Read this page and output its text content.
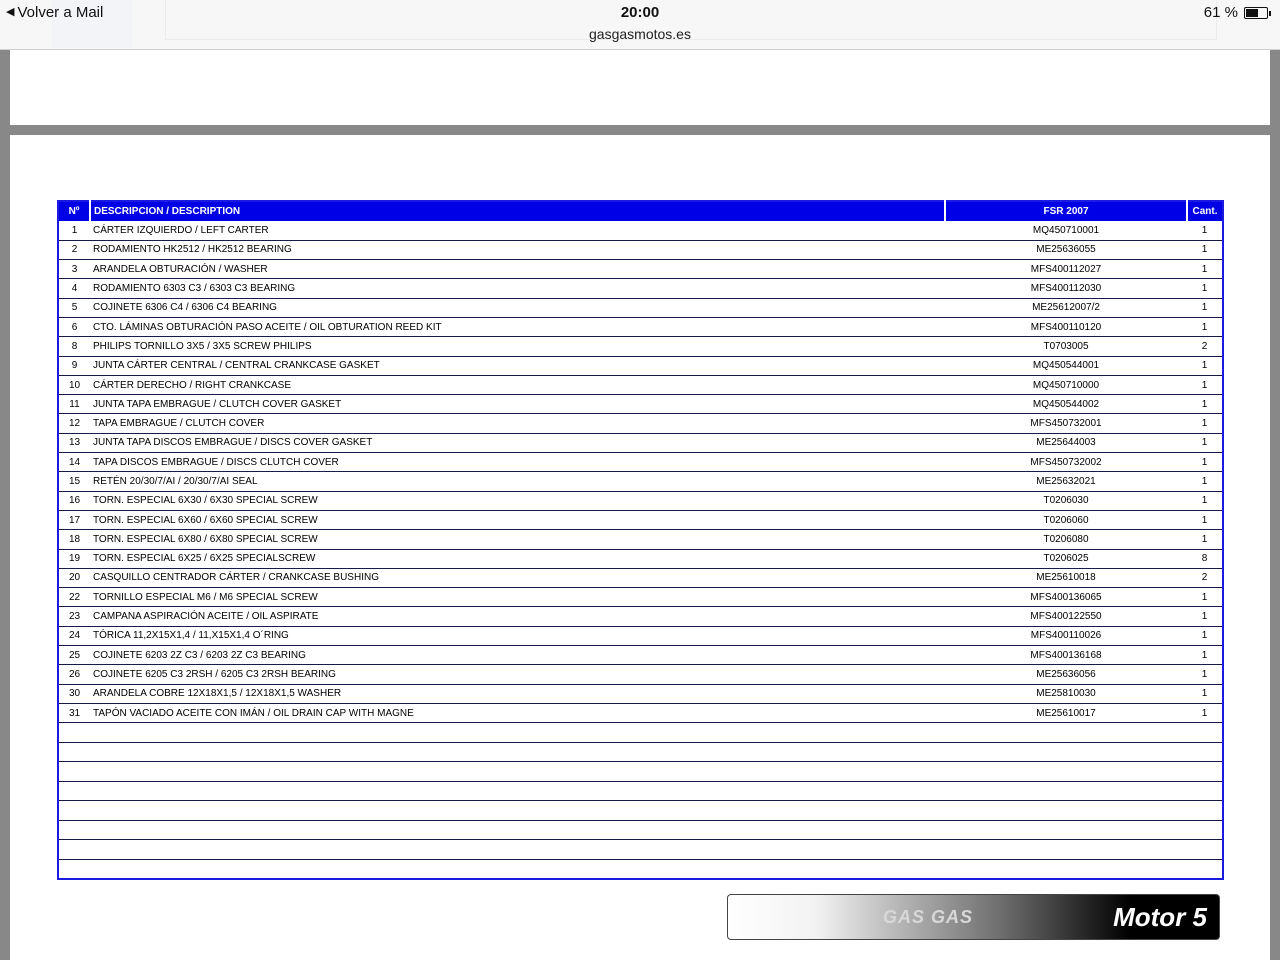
◀ Volver a Mail	20:00
gasgasmotos.es
61 %
Nº	DESCRIPCION / DESCRIPTION	FSR 2007	Cant.
1	CÁRTER IZQUIERDO / LEFT CARTER	MQ450710001	1
2	RODAMIENTO HK2512 / HK2512 BEARING	ME25636055	1
3	ARANDELA OBTURACIÓN / WASHER	MFS400112027	1
4	RODAMIENTO 6303 C3 / 6303 C3 BEARING	MFS400112030	1
5	COJINETE 6306 C4 / 6306 C4 BEARING	ME25612007/2	1
6	CTO. LÁMINAS OBTURACIÓN PASO ACEITE / OIL OBTURATION REED KIT	MFS400110120	1
8	PHILIPS TORNILLO 3X5 / 3X5 SCREW PHILIPS	T0703005	2
9	JUNTA CÁRTER CENTRAL / CENTRAL CRANKCASE GASKET	MQ450544001	1
10	CÁRTER DERECHO / RIGHT CRANKCASE	MQ450710000	1
11	JUNTA TAPA EMBRAGUE / CLUTCH COVER GASKET	MQ450544002	1
12	TAPA EMBRAGUE / CLUTCH COVER	MFS450732001	1
13	JUNTA TAPA DISCOS EMBRAGUE / DISCS COVER GASKET	ME25644003	1
14	TAPA DISCOS EMBRAGUE / DISCS CLUTCH COVER	MFS450732002	1
15	RETÉN 20/30/7/AI / 20/30/7/AI SEAL	ME25632021	1
16	TORN. ESPECIAL 6X30 / 6X30 SPECIAL SCREW	T0206030	1
17	TORN. ESPECIAL 6X60 / 6X60 SPECIAL SCREW	T0206060	1
18	TORN. ESPECIAL 6X80 / 6X80 SPECIAL SCREW	T0206080	1
19	TORN. ESPECIAL 6X25 / 6X25 SPECIALSCREW	T0206025	8
20	CASQUILLO CENTRADOR CÁRTER / CRANKCASE BUSHING	ME25610018	2
22	TORNILLO ESPECIAL M6 / M6 SPECIAL SCREW	MFS400136065	1
23	CAMPANA ASPIRACIÓN ACEITE / OIL ASPIRATE	MFS400122550	1
24	TÓRICA 11,2X15X1,4 / 11,X15X1,4 O´RING	MFS400110026	1
25	COJINETE 6203 2Z C3 / 6203 2Z C3 BEARING	MFS400136168	1
26	COJINETE 6205 C3 2RSH / 6205 C3 2RSH BEARING	ME25636056	1
30	ARANDELA COBRE 12X18X1,5 / 12X18X1,5 WASHER	ME25810030	1
31	TAPÓN VACIADO ACEITE CON IMÁN / OIL DRAIN CAP WITH MAGNE	ME25610017	1

GAS GAS	Motor 5
